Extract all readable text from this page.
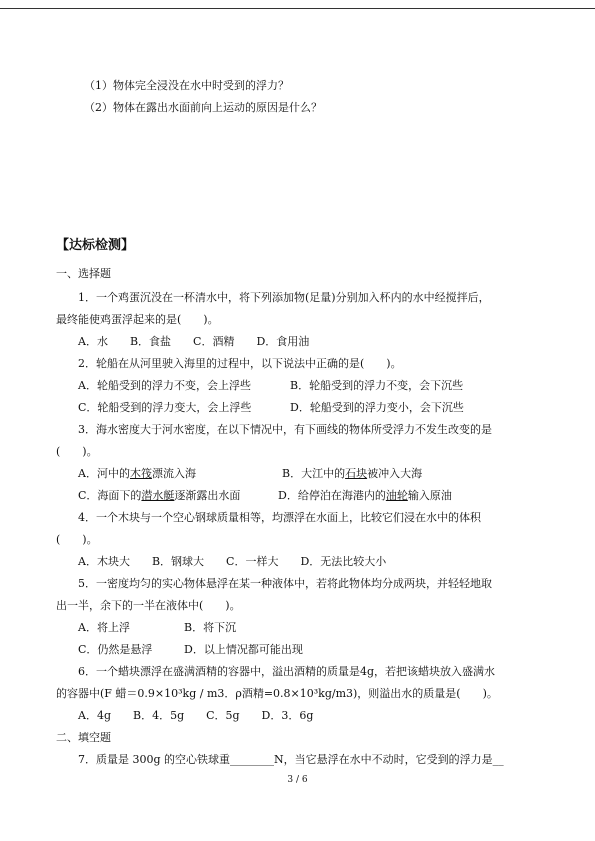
（1）物体完全浸没在水中时受到的浮力？
（2）物体在露出水面前向上运动的原因是什么？
【达标检测】
一、选择题
1．一个鸡蛋沉没在一杯清水中，将下列添加物(足量)分别加入杯内的水中经搅拌后，
最终能使鸡蛋浮起来的是(　　)。
A．水　　B．食盐　　C．酒精　　D．食用油
2．轮船在从河里驶入海里的过程中，以下说法中正确的是(　　)。
A．轮船受到的浮力不变，会上浮些	B．轮船受到的浮力不变，会下沉些
C．轮船受到的浮力变大，会上浮些	D．轮船受到的浮力变小，会下沉些
3．海水密度大于河水密度，在以下情况中，有下画线的物体所受浮力不发生改变的是
(　　)。
A．河中的木筏漂流入海	B．大江中的石块被冲入大海
C．海面下的潜水艇逐渐露出水面	D．给停泊在海港内的油轮输入原油
4．一个木块与一个空心钢球质量相等，均漂浮在水面上，比较它们浸在水中的体积
(　　)。
A．木块大　　B．钢球大　　C．一样大　　D．无法比较大小
5．一密度均匀的实心物体悬浮在某一种液体中，若将此物体均分成两块，并轻轻地取
出一半，余下的一半在液体中(　　)。
A．将上浮	B．将下沉
C．仍然是悬浮	D．以上情况都可能出现
6．一个蜡块漂浮在盛满酒精的容器中，溢出酒精的质量是4g，若把该蜡块放入盛满水
的容器中(F 蜡＝0.9×10³kg / m3．ρ酒精=0.8×10³kg/m3)，则溢出水的质量是(　　)。
A．4g　　B．4．5g　　C．5g　　D．3．6g
二、填空题
7．质量是 300g 的空心铁球重________N，当它悬浮在水中不动时，它受到的浮力是__
3 / 6
